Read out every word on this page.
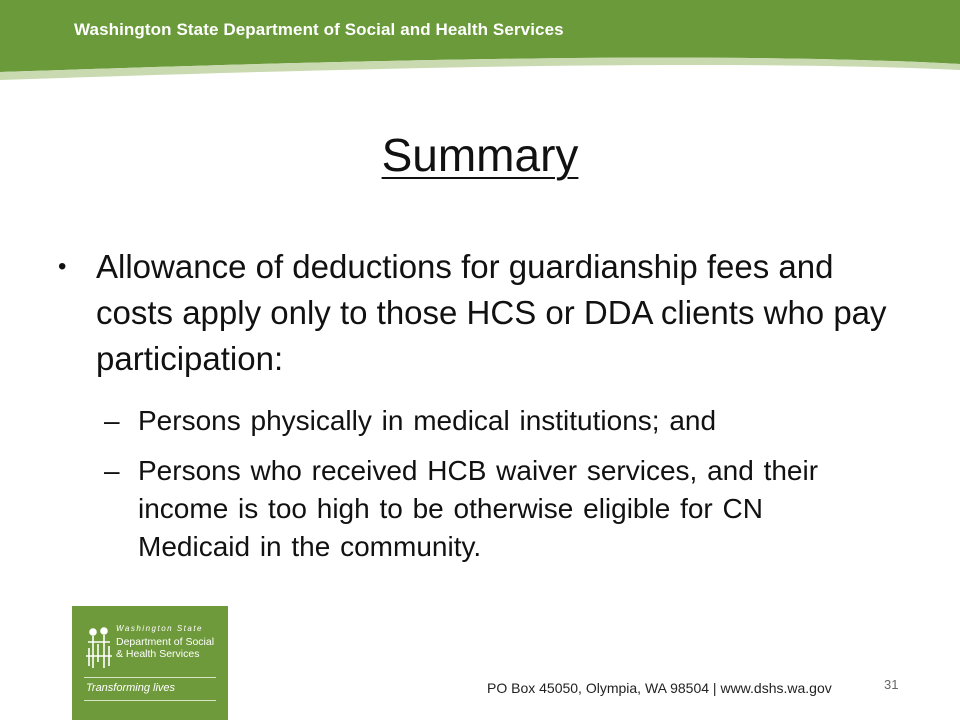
Washington State Department of Social and Health Services
Summary
• Allowance of deductions for guardianship fees and costs apply only to those HCS or DDA clients who pay participation:
– Persons physically in medical institutions; and
– Persons who received HCB waiver services, and their income is too high to be otherwise eligible for CN Medicaid in the community.
Washington State
Department of Social
& Health Services
Transforming lives	PO Box 45050, Olympia, WA 98504 | www.dshs.wa.gov	31
